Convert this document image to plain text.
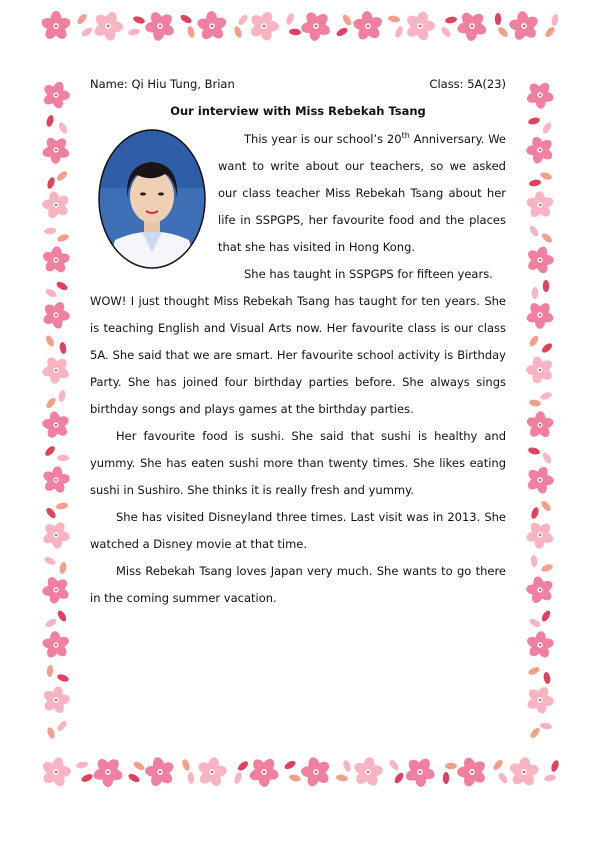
Name: Qi Hiu Tung, Brian	Class: 5A(23)
Our interview with Miss Rebekah Tsang

This year is our school’s 20th Anniversary. We want to write about our teachers, so we asked our class teacher Miss Rebekah Tsang about her life in SSPGPS, her favourite food and the places that she has visited in Hong Kong.

She has taught in SSPGPS for fifteen years.

WOW! I just thought Miss Rebekah Tsang has taught for ten years. She is teaching English and Visual Arts now. Her favourite class is our class 5A. She said that we are smart. Her favourite school activity is Birthday Party. She has joined four birthday parties before. She always sings birthday songs and plays games at the birthday parties.

Her favourite food is sushi. She said that sushi is healthy and yummy. She has eaten sushi more than twenty times. She likes eating sushi in Sushiro. She thinks it is really fresh and yummy.

She has visited Disneyland three times. Last visit was in 2013. She watched a Disney movie at that time.

Miss Rebekah Tsang loves Japan very much. She wants to go there in the coming summer vacation.
